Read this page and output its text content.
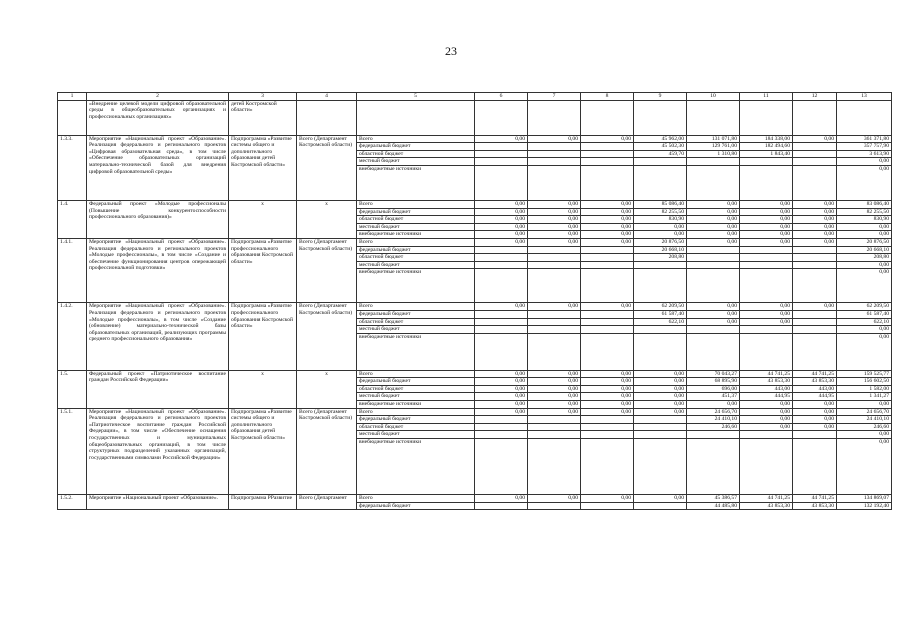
23
1	2	3	4	5	6	7	8	9	10	11	12	13
	«Внедрение целевой модели цифровой образовательной среды в общеобразовательных организациях и профессиональных организациях»	детей Костромской области»										
1.3.3.	Мероприятие «Национальный проект «Образование». Реализация федерального и регионального проектов «Цифровая образовательная среда», в том числе «Обеспечение образовательных организаций материально-технической базой для внедрения цифровой образовательной среды»	Подпрограмма «Развитие системы общего и дополнительного образования детей Костромской области»	Всего (Департамент Костромской области)	Всего	0,00	0,00	0,00	45 962,00	131 071,80	184 338,00	0,00	361 371,80
				федеральный бюджет				45 502,30	129 761,00	182 494,60		357 757,90
				областной бюджет				459,70	1 310,80	1 843,40		3 613,90
				местный бюджет								0,00
				внебюджетные источники								0,00
1.4.	Федеральный проект «Молодые профессионалы (Повышение конкурентоспособности профессионального образования)»	x	x	Всего	0,00	0,00	0,00	85 086,40	0,00	0,00	0,00	83 086,40
				федеральный бюджет	0,00	0,00	0,00	82 255,50	0,00	0,00	0,00	82 255,50
				областной бюджет	0,00	0,00	0,00	830,90	0,00	0,00	0,00	830,90
				местный бюджет	0,00	0,00	0,00	0,00	0,00	0,00	0,00	0,00
				внебюджетные источники	0,00	0,00	0,00	0,00	0,00	0,00	0,00	0,00
1.4.1.	Мероприятие «Национальный проект «Образование». Реализация федерального и регионального проектов «Молодые профессионалы», в том числе «Создание и обеспечение функционирования центров опережающей профессиональной подготовки»	Подпрограмма «Развитие профессионального образования Костромской области»	Всего (Департамент Костромской области)	Всего	0,00	0,00	0,00	20 876,50	0,00	0,00	0,00	20 876,50
				федеральный бюджет				20 668,10				20 668,10
				областной бюджет				208,80				208,80
				местный бюджет								0,00
				внебюджетные источники								0,00
1.4.2.	Мероприятие «Национальный проект «Образование». Реализация федерального и регионального проектов «Молодые профессионалы», в том числе «Создание (обновление) материально-технической базы образовательных организаций, реализующих программы среднего профессионального образования»	Подпрограмма «Развитие профессионального образования Костромской области»	Всего (Департамент Костромской области)	Всего	0,00	0,00	0,00	62 209,50	0,00	0,00	0,00	62 209,50
				федеральный бюджет				61 587,40	0,00	0,00		61 587,40
				областной бюджет				622,10	0,00	0,00		622,10
				местный бюджет								0,00
				внебюджетные источники								0,00
1.5.	Федеральный проект «Патриотическое воспитание граждан Российской Федерации»	x	x	Всего	0,00	0,00	0,00	0,00	70 043,27	44 741,25	44 741,25	159 525,77
				федеральный бюджет	0,00	0,00	0,00	0,00	68 895,90	43 853,30	43 853,30	156 602,50
				областной бюджет	0,00	0,00	0,00	0,00	696,00	443,00	443,00	1 582,00
				местный бюджет	0,00	0,00	0,00	0,00	451,37	444,95	444,95	1 341,27
				внебюджетные источники	0,00	0,00	0,00	0,00	0,00	0,00	0,00	0,00
1.5.1.	Мероприятие «Национальный проект «Образование». Реализация федерального и регионального проектов «Патриотическое воспитание граждан Российской Федерации», в том числе «Обеспечение оснащения государственных и муниципальных общеобразовательных организаций, в том числе структурных подразделений указанных организаций, государственными символами Российской Федерации»	Подпрограмма «Развитие системы общего и дополнительного образования детей Костромской области»	Всего (Департамент Костромской области)	Всего	0,00	0,00	0,00	0,00	24 656,70	0,00	0,00	24 656,70
				федеральный бюджет					24 410,10	0,00	0,00	24 410,10
				областной бюджет					246,60	0,00	0,00	246,60
				местный бюджет								0,00
				внебюджетные источники								0,00
1.5.2.	Мероприятие «Национальный проект «Образование».	Подпрограмма РРазвитие	Всего (Департамент	Всего	0,00	0,00	0,00	0,00	45 386,57	44 741,25	44 741,25	134 869,07
				федеральный бюджет					44 485,80	43 853,30	43 853,30	132 192,40
